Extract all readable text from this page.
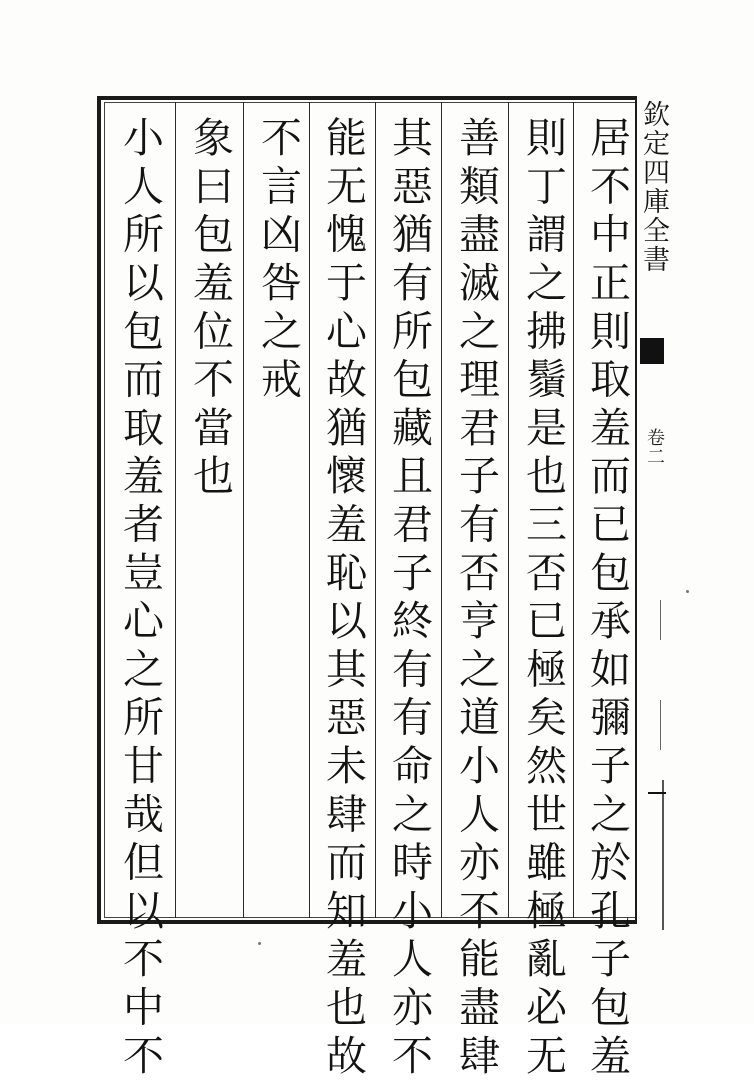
欽定四庫全書
卷二
居不中正則取羞而已包承如彌子之於孔子包羞
則丁謂之拂鬚是也三否已極矣然世雖極亂必无
善類盡滅之理君子有否亨之道小人亦不能盡肆
其惡猶有所包藏且君子終有有命之時小人亦不
能无愧于心故猶懷羞恥以其惡未肆而知羞也故
不言凶咎之戒
象曰包羞位不當也
小人所以包而取羞者豈心之所甘哉但以不中不
